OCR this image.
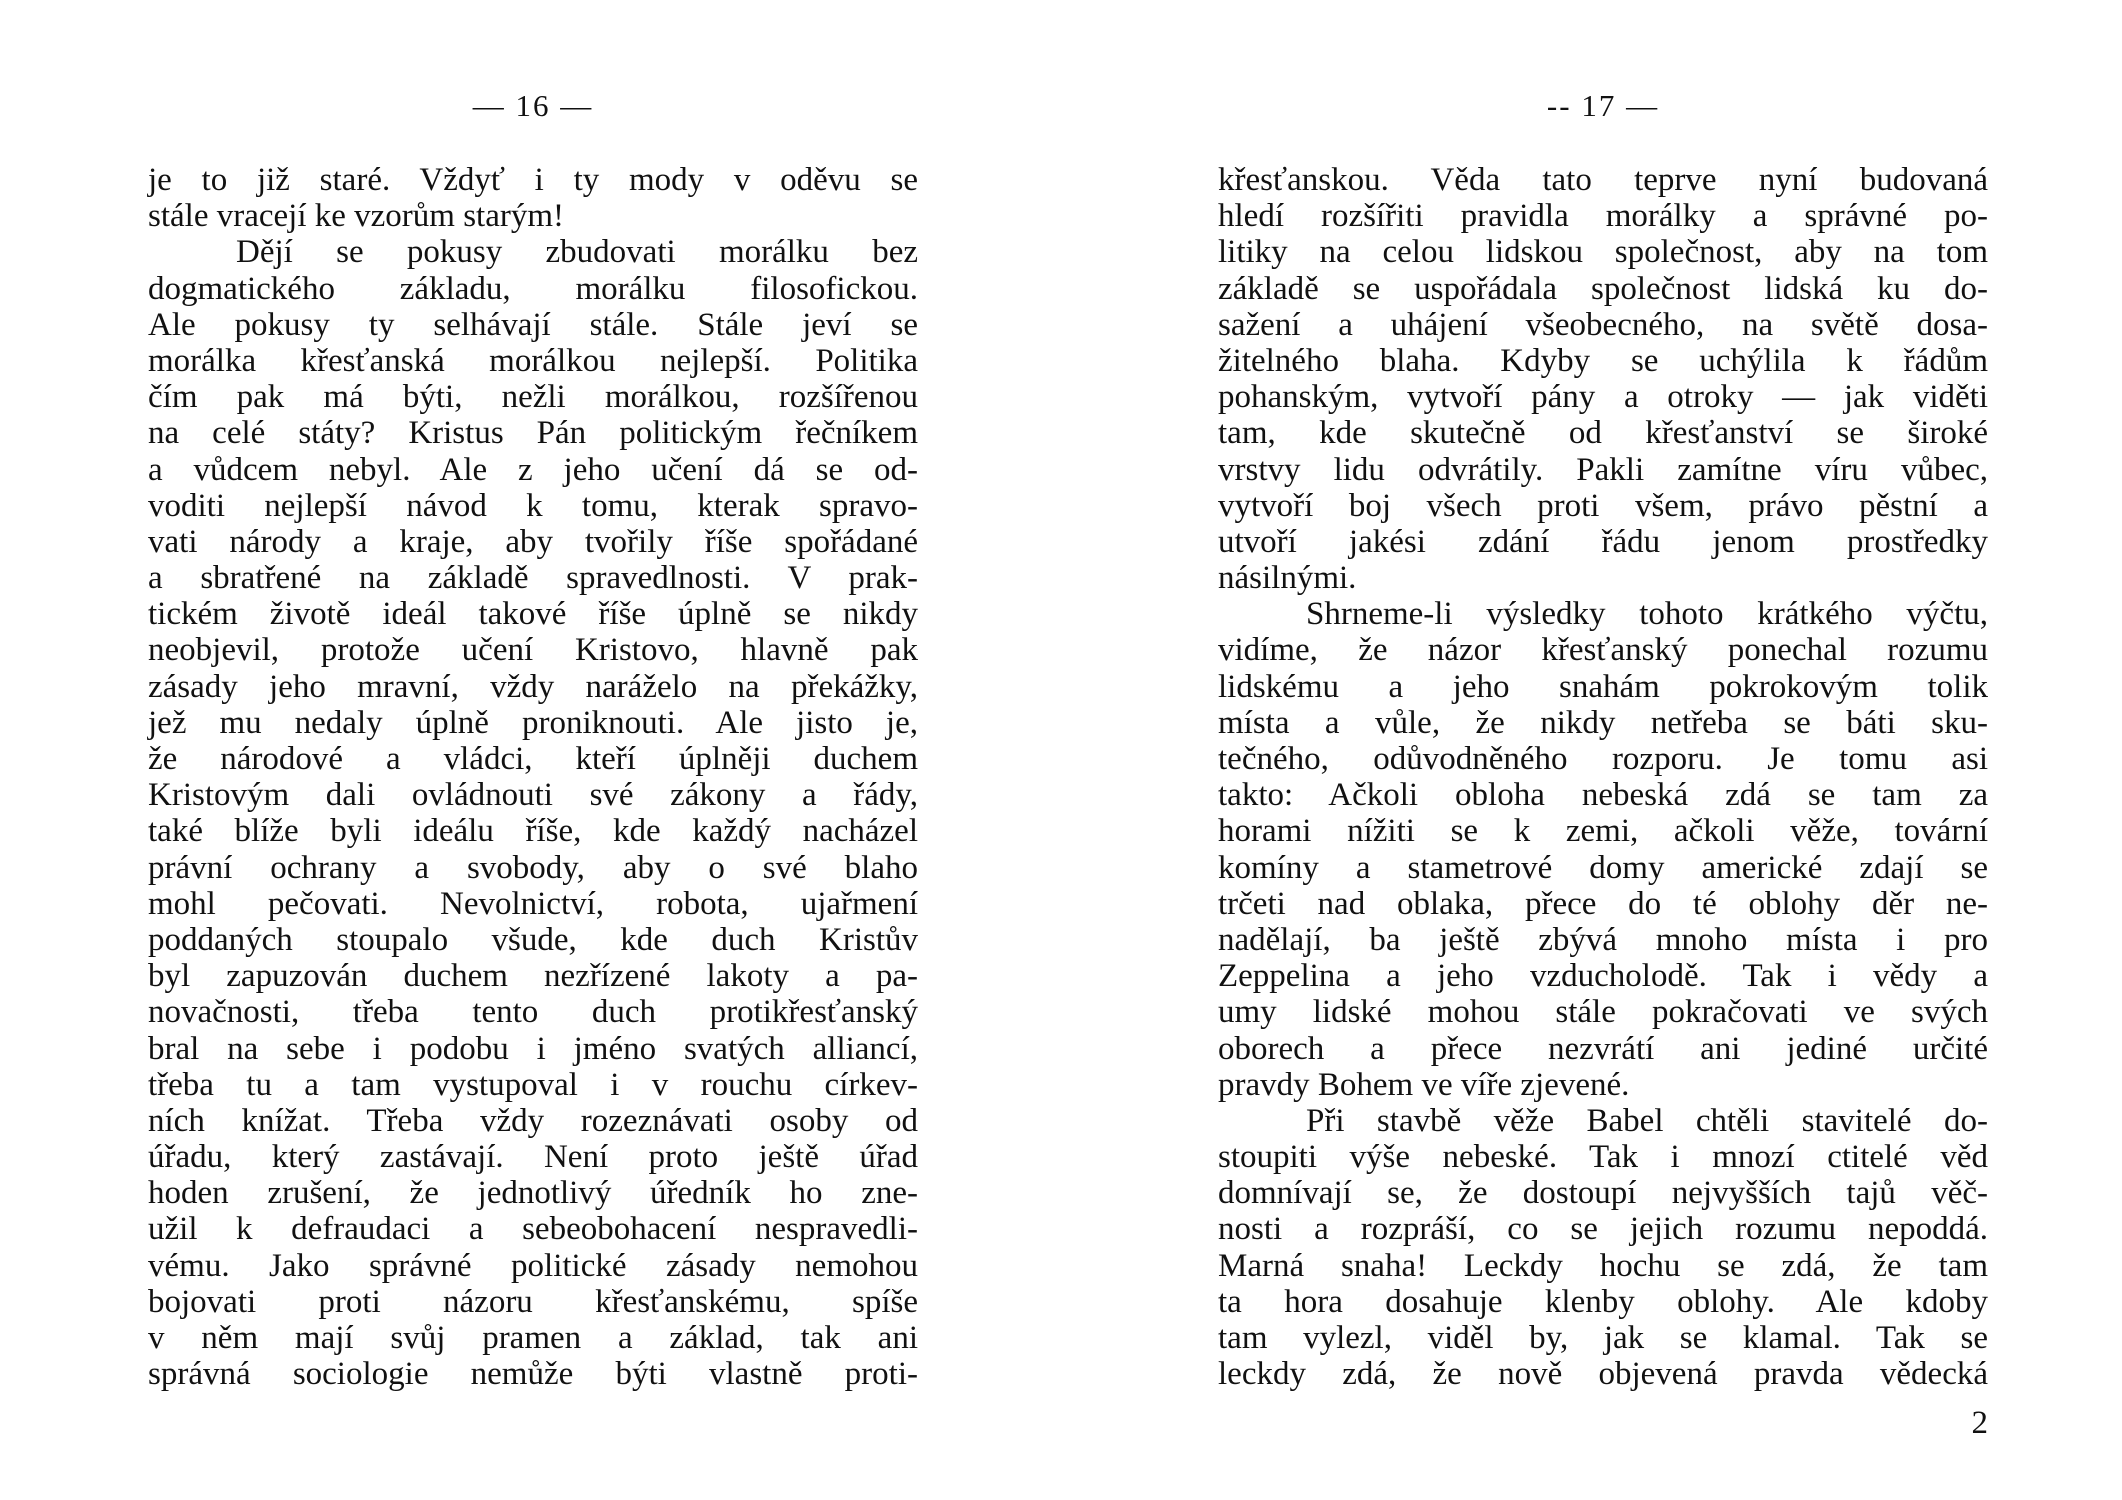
— 16 —
je to již staré. Vždyť i ty mody v oděvu se
stále vracejí ke vzorům starým!
Dějí se pokusy zbudovati morálku bez
dogmatického základu, morálku filosofickou.
Ale pokusy ty selhávají stále. Stále jeví se
morálka křesťanská morálkou nejlepší. Politika
čím pak má býti, nežli morálkou, rozšířenou
na celé státy? Kristus Pán politickým řečníkem
a vůdcem nebyl. Ale z jeho učení dá se od-
voditi nejlepší návod k tomu, kterak spravo-
vati národy a kraje, aby tvořily říše spořádané
a sbratřené na základě spravedlnosti. V prak-
tickém životě ideál takové říše úplně se nikdy
neobjevil, protože učení Kristovo, hlavně pak
zásady jeho mravní, vždy naráželo na překážky,
jež mu nedaly úplně proniknouti. Ale jisto je,
že národové a vládci, kteří úplněji duchem
Kristovým dali ovládnouti své zákony a řády,
také blíže byli ideálu říše, kde každý nacházel
právní ochrany a svobody, aby o své blaho
mohl pečovati. Nevolnictví, robota, ujařmení
poddaných stoupalo všude, kde duch Kristův
byl zapuzován duchem nezřízené lakoty a pa-
novačnosti, třeba tento duch protikřesťanský
bral na sebe i podobu i jméno svatých alliancí,
třeba tu a tam vystupoval i v rouchu církev-
ních knížat. Třeba vždy rozeznávati osoby od
úřadu, který zastávají. Není proto ještě úřad
hoden zrušení, že jednotlivý úředník ho zne-
užil k defraudaci a sebeobohacení nespravedli-
vému. Jako správné politické zásady nemohou
bojovati proti názoru křesťanskému, spíše
v něm mají svůj pramen a základ, tak ani
správná sociologie nemůže býti vlastně proti-
-- 17 —
křesťanskou. Věda tato teprve nyní budovaná
hledí rozšířiti pravidla morálky a správné po-
litiky na celou lidskou společnost, aby na tom
základě se uspořádala společnost lidská ku do-
sažení a uhájení všeobecného, na světě dosa-
žitelného blaha. Kdyby se uchýlila k řádům
pohanským, vytvoří pány a otroky — jak viděti
tam, kde skutečně od křesťanství se široké
vrstvy lidu odvrátily. Pakli zamítne víru vůbec,
vytvoří boj všech proti všem, právo pěstní a
utvoří jakési zdání řádu jenom prostředky
násilnými.
Shrneme-li výsledky tohoto krátkého výčtu,
vidíme, že názor křesťanský ponechal rozumu
lidskému a jeho snahám pokrokovým tolik
místa a vůle, že nikdy netřeba se báti sku-
tečného, odůvodněného rozporu. Je tomu asi
takto: Ačkoli obloha nebeská zdá se tam za
horami nížiti se k zemi, ačkoli věže, tovární
komíny a stametrové domy americké zdají se
trčeti nad oblaka, přece do té oblohy děr ne-
nadělají, ba ještě zbývá mnoho místa i pro
Zeppelina a jeho vzducholodě. Tak i vědy a
umy lidské mohou stále pokračovati ve svých
oborech a přece nezvrátí ani jediné určité
pravdy Bohem ve víře zjevené.
Při stavbě věže Babel chtěli stavitelé do-
stoupiti výše nebeské. Tak i mnozí ctitelé věd
domnívají se, že dostoupí nejvyšších tajů věč-
nosti a rozpráší, co se jejich rozumu nepoddá.
Marná snaha! Leckdy hochu se zdá, že tam
ta hora dosahuje klenby oblohy. Ale kdoby
tam vylezl, viděl by, jak se klamal. Tak se
leckdy zdá, že nově objevená pravda vědecká
2
